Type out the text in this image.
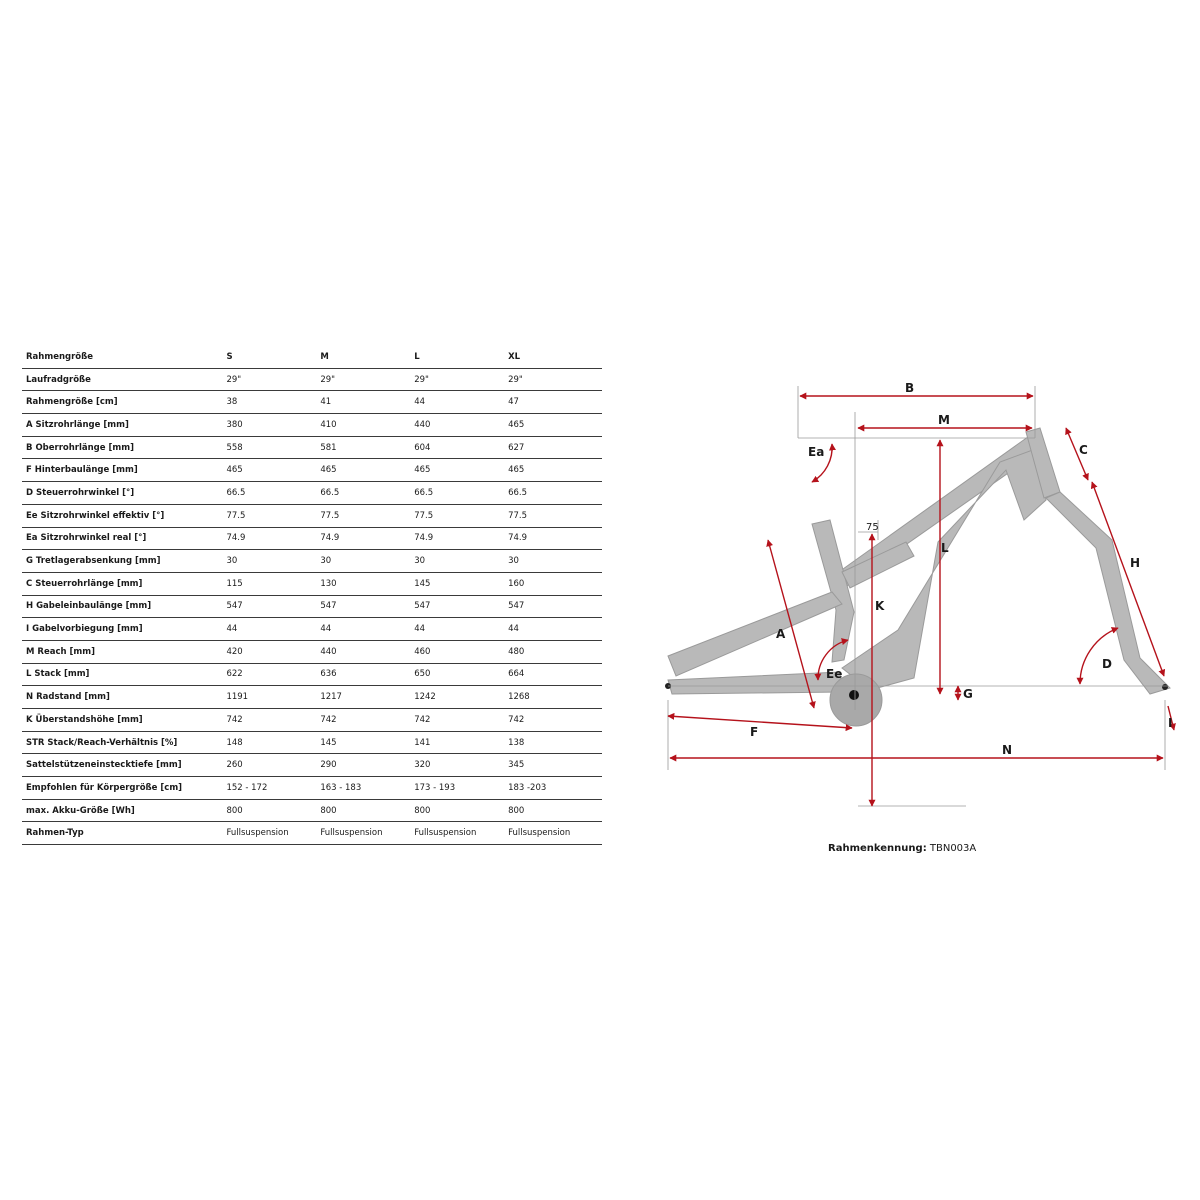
Rahmengröße	S	M	L	XL
Laufradgröße	29"	29"	29"	29"
Rahmengröße [cm]	38	41	44	47
A Sitzrohrlänge [mm]	380	410	440	465
B Oberrohrlänge [mm]	558	581	604	627
F Hinterbaulänge [mm]	465	465	465	465
D Steuerrohrwinkel [°]	66.5	66.5	66.5	66.5
Ee Sitzrohrwinkel effektiv [°]	77.5	77.5	77.5	77.5
Ea Sitzrohrwinkel real [°]	74.9	74.9	74.9	74.9
G Tretlagerabsenkung [mm]	30	30	30	30
C Steuerrohrlänge [mm]	115	130	145	160
H Gabeleinbaulänge [mm]	547	547	547	547
I Gabelvorbiegung [mm]	44	44	44	44
M Reach [mm]	420	440	460	480
L Stack [mm]	622	636	650	664
N Radstand [mm]	1191	1217	1242	1268
K Überstandshöhe [mm]	742	742	742	742
STR Stack/Reach-Verhältnis [%]	148	145	141	138
Sattelstützeneinstecktiefe [mm]	260	290	320	345
Empfohlen für Körpergröße [cm]	152 - 172	163 - 183	173 - 193	183 -203
max. Akku-Größe [Wh]	800	800	800	800
Rahmen-Typ	Fullsuspension	Fullsuspension	Fullsuspension	Fullsuspension
B
M
C
Ea
75
L
H
A
K
D
Ee
G
F
I
N
Rahmenkennung: TBN003A
